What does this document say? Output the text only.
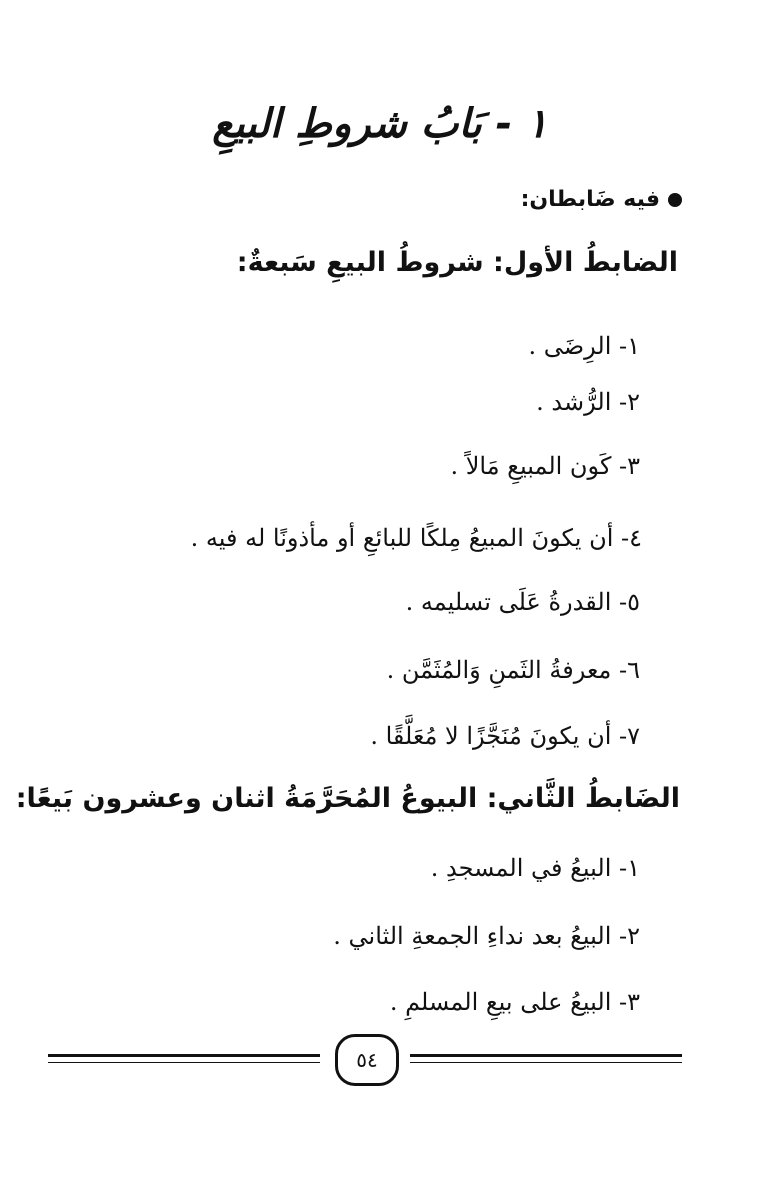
١ - بَابُ شروطِ البيعِ
فيه ضَابطان:
الضابطُ الأول: شروطُ البيعِ سَبعةٌ:
١- الرِضَى .
٢- الرُّشد .
٣- كَون المبيعِ مَالاً .
٤- أن يكونَ المبيعُ مِلكًا للبائعِ أو مأذونًا له فيه .
٥- القدرةُ عَلَى تسليمه .
٦- معرفةُ الثَمنِ وَالمُثَمَّن .
٧- أن يكونَ مُنَجَّزًا لا مُعَلَّقًا .
الضَابطُ الثَّاني: البيوعُ المُحَرَّمَةُ اثنان وعشرون بَيعًا:
١- البيعُ في المسجدِ .
٢- البيعُ بعد نداءِ الجمعةِ الثاني .
٣- البيعُ على بيعِ المسلمِ .
٥٤
